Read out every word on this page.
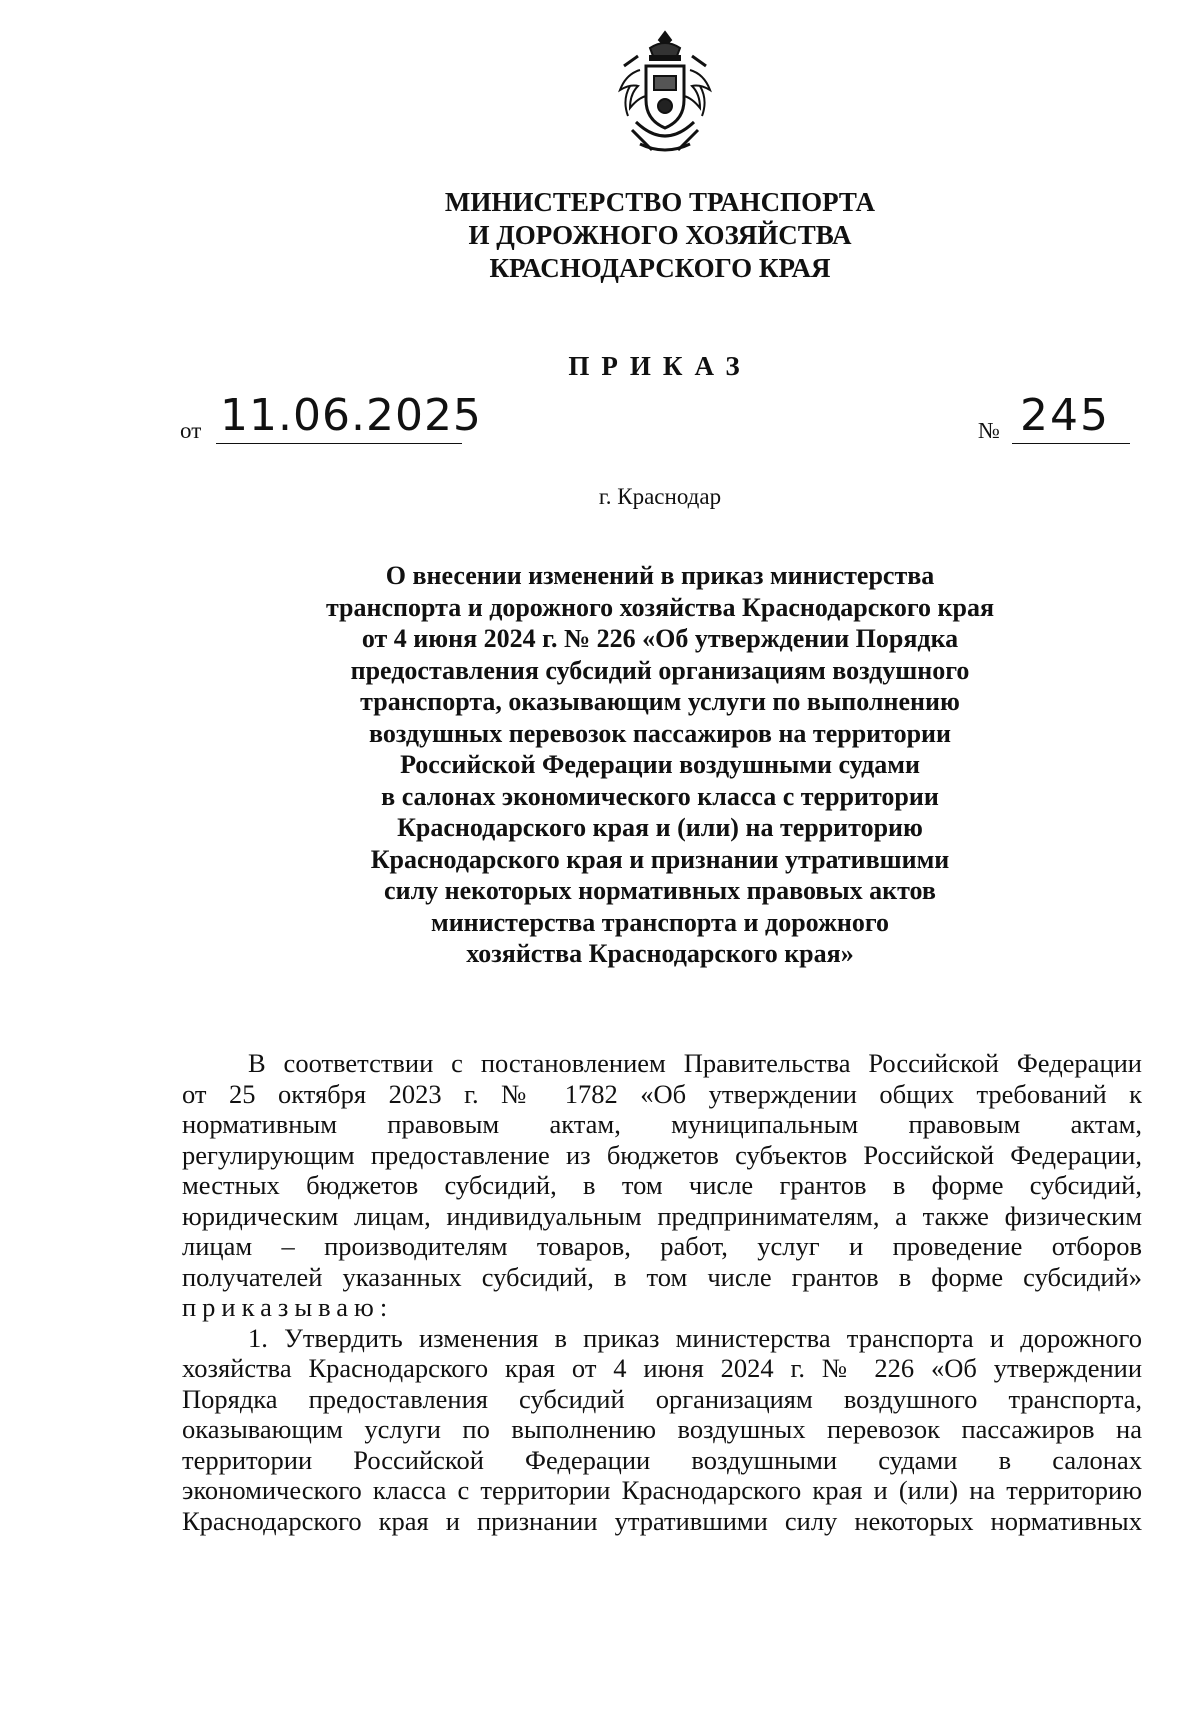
МИНИСТЕРСТВО ТРАНСПОРТА
И ДОРОЖНОГО ХОЗЯЙСТВА
КРАСНОДАРСКОГО КРАЯ
ПРИКАЗ
от 11.06.2025	№ 245
г. Краснодар
О внесении изменений в приказ министерства
транспорта и дорожного хозяйства Краснодарского края
от 4 июня 2024 г. № 226 «Об утверждении Порядка
предоставления субсидий организациям воздушного
транспорта, оказывающим услуги по выполнению
воздушных перевозок пассажиров на территории
Российской Федерации воздушными судами
в салонах экономического класса с территории
Краснодарского края и (или) на территорию
Краснодарского края и признании утратившими
силу некоторых нормативных правовых актов
министерства транспорта и дорожного
хозяйства Краснодарского края»
В соответствии с постановлением Правительства Российской Федерации
от 25 октября 2023 г. № 1782 «Об утверждении общих требований к
нормативным правовым актам, муниципальным правовым актам,
регулирующим предоставление из бюджетов субъектов Российской Федерации,
местных бюджетов субсидий, в том числе грантов в форме субсидий,
юридическим лицам, индивидуальным предпринимателям, а также физическим
лицам – производителям товаров, работ, услуг и проведение отборов
получателей указанных субсидий, в том числе грантов в форме субсидий»
приказываю:
1. Утвердить изменения в приказ министерства транспорта и дорожного
хозяйства Краснодарского края от 4 июня 2024 г. № 226 «Об утверждении
Порядка предоставления субсидий организациям воздушного транспорта,
оказывающим услуги по выполнению воздушных перевозок пассажиров на
территории Российской Федерации воздушными судами в салонах
экономического класса с территории Краснодарского края и (или) на территорию
Краснодарского края и признании утратившими силу некоторых нормативных
